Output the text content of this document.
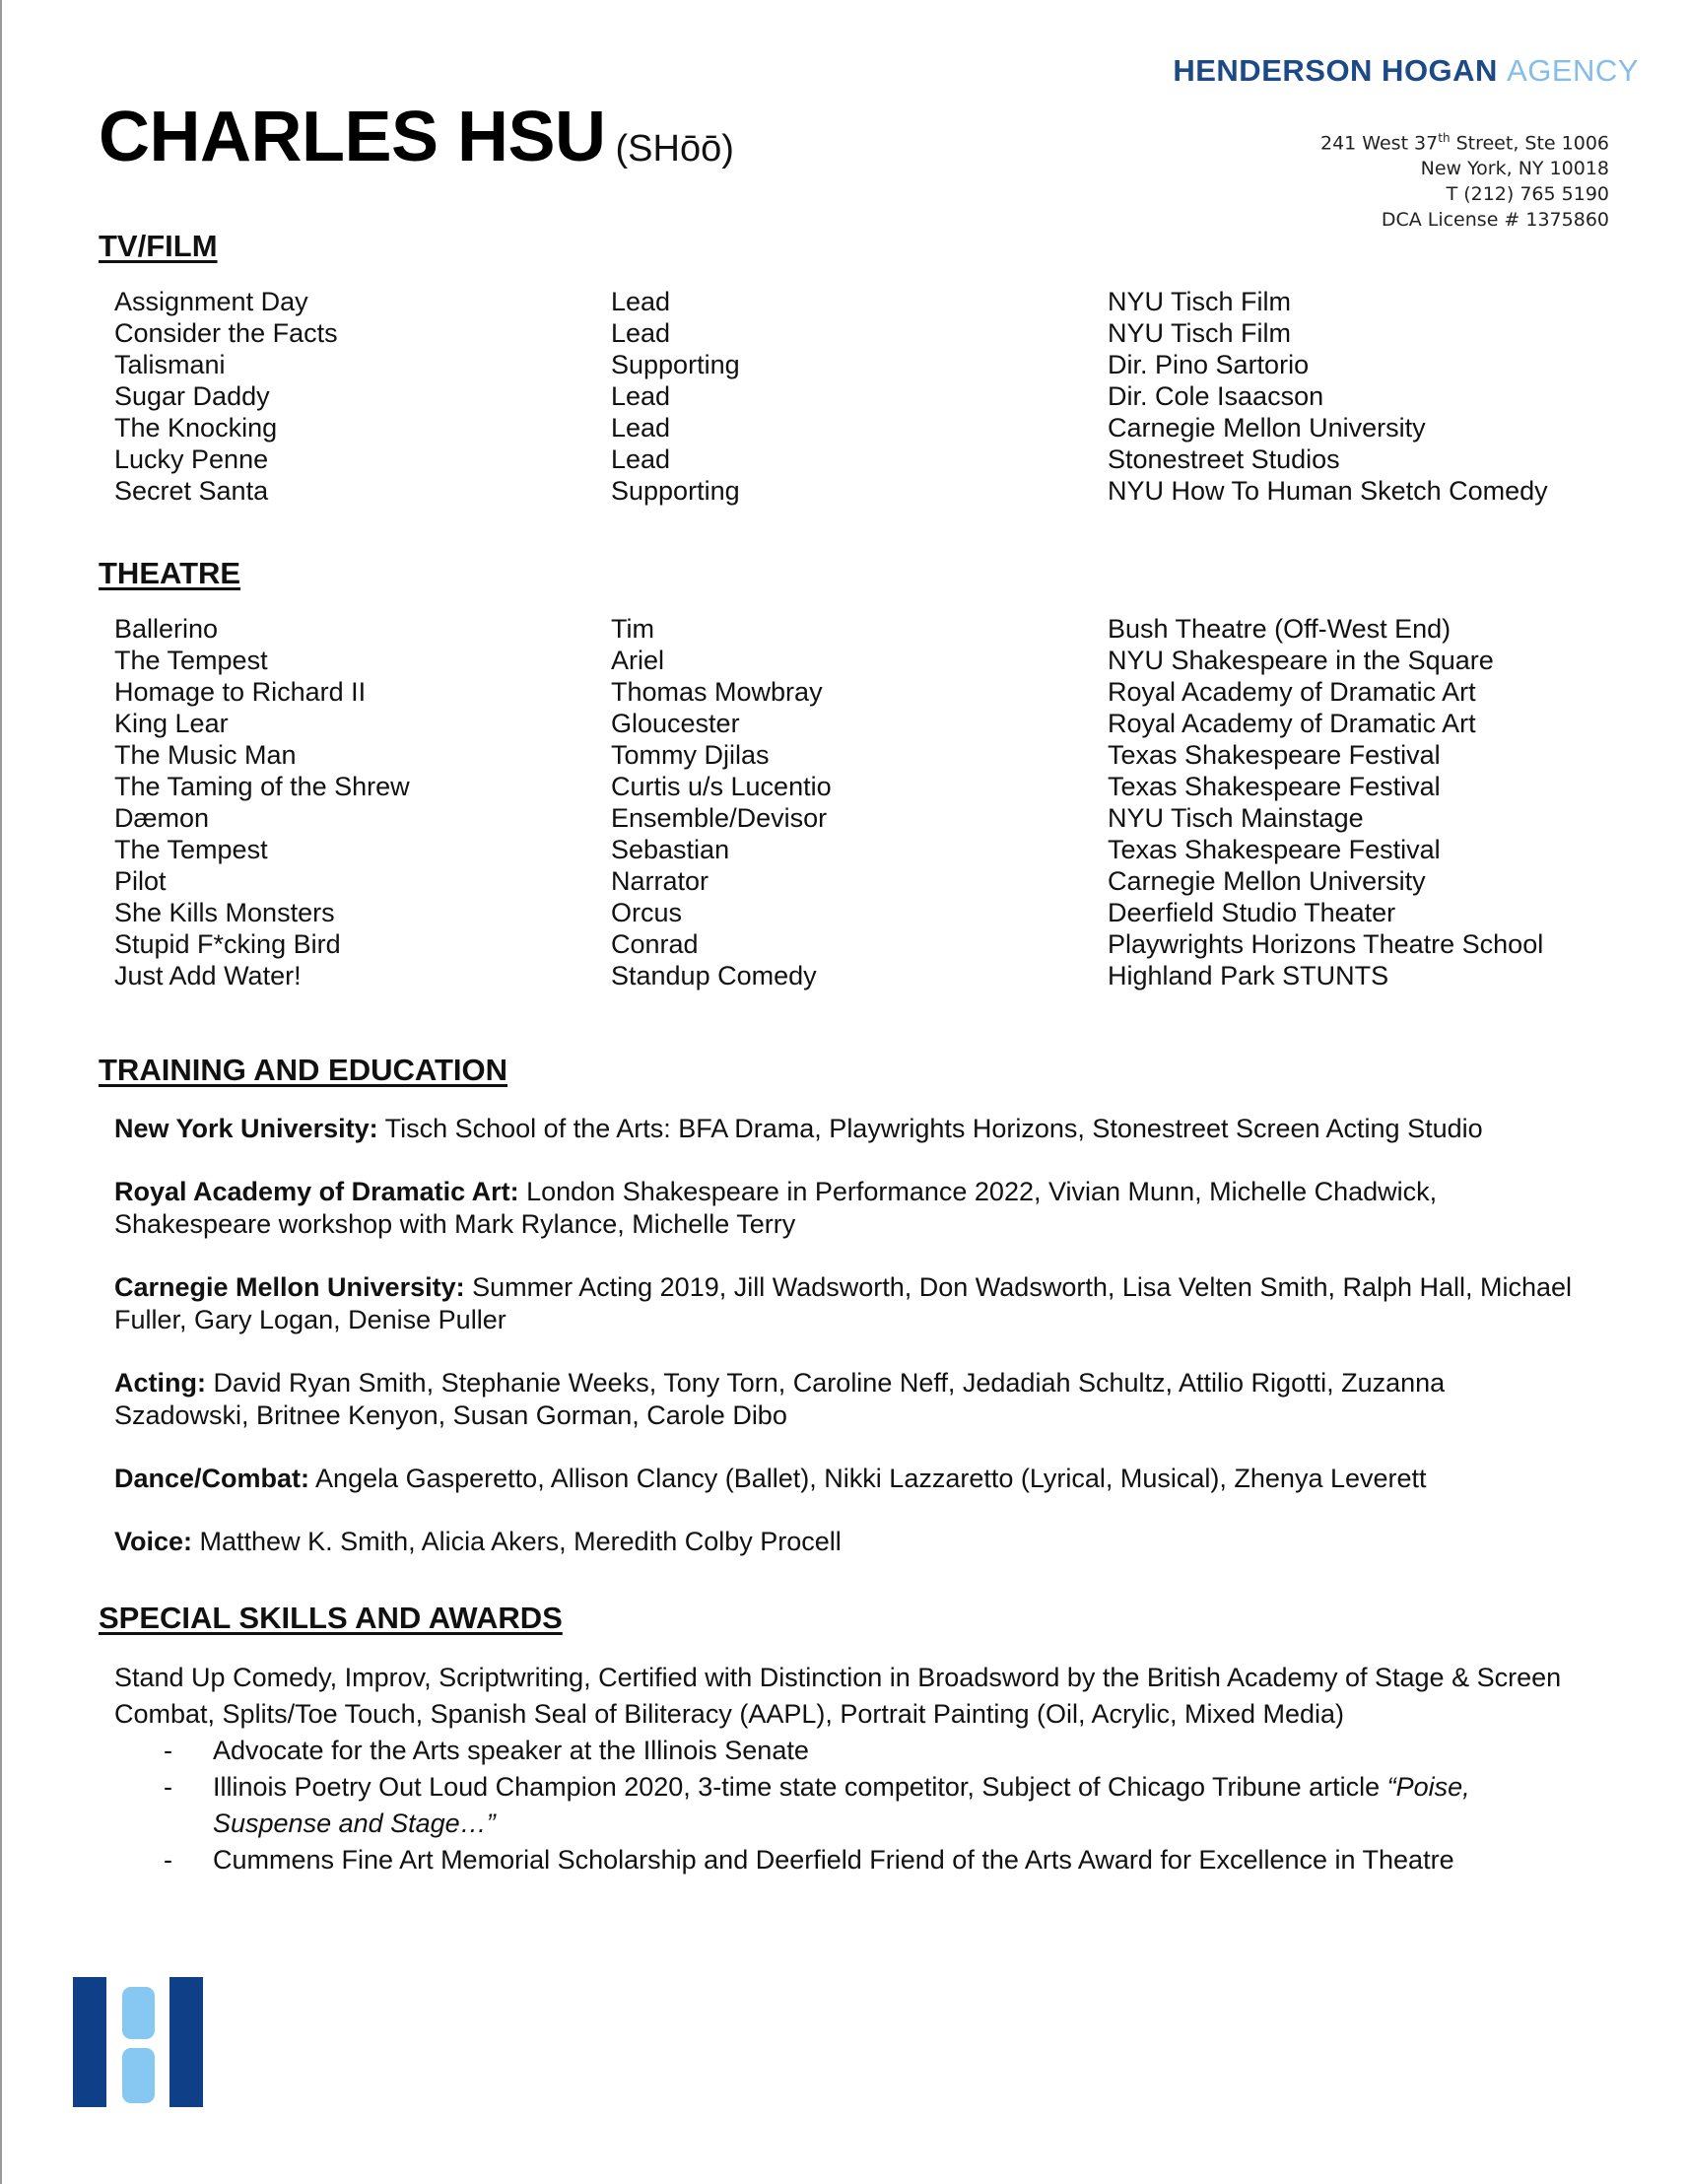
HENDERSON HOGAN AGENCY
241 West 37th Street, Ste 1006
New York, NY 10018
T (212) 765 5190
DCA License # 1375860
CHARLES HSU (SHōō)
TV/FILM
Assignment Day	Lead	NYU Tisch Film
Consider the Facts	Lead	NYU Tisch Film
Talismani	Supporting	Dir. Pino Sartorio
Sugar Daddy	Lead	Dir. Cole Isaacson
The Knocking	Lead	Carnegie Mellon University
Lucky Penne	Lead	Stonestreet Studios
Secret Santa	Supporting	NYU How To Human Sketch Comedy
THEATRE
Ballerino	Tim	Bush Theatre (Off-West End)
The Tempest	Ariel	NYU Shakespeare in the Square
Homage to Richard II	Thomas Mowbray	Royal Academy of Dramatic Art
King Lear	Gloucester	Royal Academy of Dramatic Art
The Music Man	Tommy Djilas	Texas Shakespeare Festival
The Taming of the Shrew	Curtis u/s Lucentio	Texas Shakespeare Festival
Dæmon	Ensemble/Devisor	NYU Tisch Mainstage
The Tempest	Sebastian	Texas Shakespeare Festival
Pilot	Narrator	Carnegie Mellon University
She Kills Monsters	Orcus	Deerfield Studio Theater
Stupid F*cking Bird	Conrad	Playwrights Horizons Theatre School
Just Add Water!	Standup Comedy	Highland Park STUNTS
TRAINING AND EDUCATION
New York University: Tisch School of the Arts: BFA Drama, Playwrights Horizons, Stonestreet Screen Acting Studio
Royal Academy of Dramatic Art: London Shakespeare in Performance 2022, Vivian Munn, Michelle Chadwick, Shakespeare workshop with Mark Rylance, Michelle Terry
Carnegie Mellon University: Summer Acting 2019, Jill Wadsworth, Don Wadsworth, Lisa Velten Smith, Ralph Hall, Michael Fuller, Gary Logan, Denise Puller
Acting: David Ryan Smith, Stephanie Weeks, Tony Torn, Caroline Neff, Jedadiah Schultz, Attilio Rigotti, Zuzanna Szadowski, Britnee Kenyon, Susan Gorman, Carole Dibo
Dance/Combat: Angela Gasperetto, Allison Clancy (Ballet), Nikki Lazzaretto (Lyrical, Musical), Zhenya Leverett
Voice: Matthew K. Smith, Alicia Akers, Meredith Colby Procell
SPECIAL SKILLS AND AWARDS
Stand Up Comedy, Improv, Scriptwriting, Certified with Distinction in Broadsword by the British Academy of Stage & Screen Combat, Splits/Toe Touch, Spanish Seal of Biliteracy (AAPL), Portrait Painting (Oil, Acrylic, Mixed Media)
- Advocate for the Arts speaker at the Illinois Senate
- Illinois Poetry Out Loud Champion 2020, 3-time state competitor, Subject of Chicago Tribune article “Poise, Suspense and Stage…”
- Cummens Fine Art Memorial Scholarship and Deerfield Friend of the Arts Award for Excellence in Theatre
